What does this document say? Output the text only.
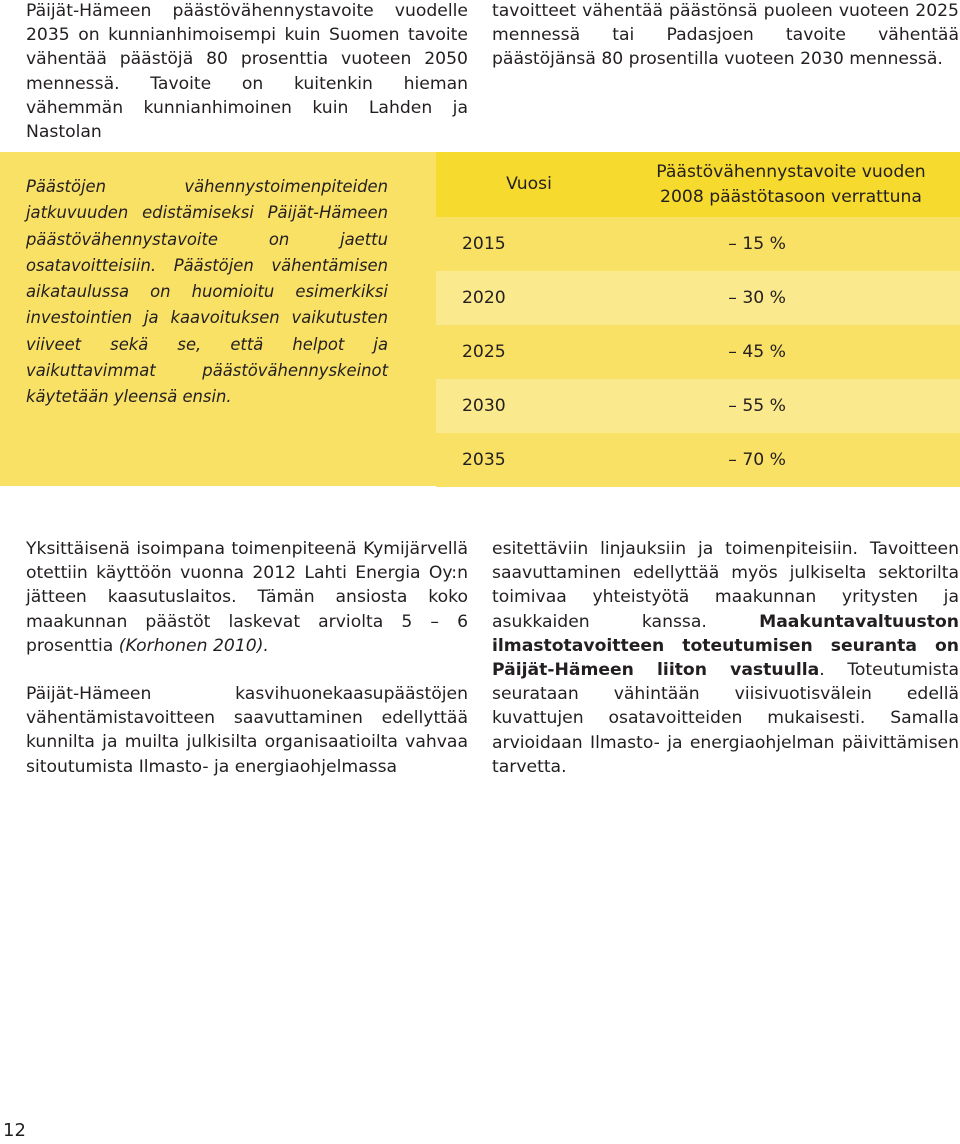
Päijät-Hämeen päästövähennystavoite vuodelle 2035 on kunnianhimoisempi kuin Suomen tavoite vähentää päästöjä 80 prosenttia vuoteen 2050 mennessä. Tavoite on kuitenkin hieman vähemmän kunnianhimoinen kuin Lahden ja Nastolan

tavoitteet vähentää päästönsä puoleen vuoteen 2025 mennessä tai Padasjoen tavoite vähentää päästöjänsä 80 prosentilla vuoteen 2030 mennessä.

Päästöjen vähennystoimenpiteiden jatkuvuuden edistämiseksi Päijät-Hämeen päästövähennystavoite on jaettu osatavoitteisiin. Päästöjen vähentämisen aikataulussa on huomioitu esimerkiksi investointien ja kaavoituksen vaikutusten viiveet sekä se, että helpot ja vaikuttavimmat päästövähennyskeinot käytetään yleensä ensin.

Vuosi	Päästövähennystavoite vuoden
2008 päästötasoon verrattuna
2015	– 15 %
2020	– 30 %
2025	– 45 %
2030	– 55 %
2035	– 70 %
Yksittäisenä isoimpana toimenpiteenä Kymijärvellä otettiin käyttöön vuonna 2012 Lahti Energia Oy:n jätteen kaasutuslaitos. Tämän ansiosta koko maakunnan päästöt laskevat arviolta 5 – 6 prosenttia (Korhonen 2010).
Päijät-Hämeen kasvihuonekaasupäästöjen vähentämistavoitteen saavuttaminen edellyttää kunnilta ja muilta julkisilta organisaatioilta vahvaa sitoutumista Ilmasto- ja energiaohjelmassa
esitettäviin linjauksiin ja toimenpiteisiin. Tavoitteen saavuttaminen edellyttää myös julkiselta sektorilta toimivaa yhteistyötä maakunnan yritysten ja asukkaiden kanssa.	Maakuntavaltuuston ilmastotavoitteen toteutumisen seuranta on Päijät-Hämeen liiton vastuulla. Toteutumista seurataan vähintään viisivuotisvälein edellä kuvattujen osatavoitteiden mukaisesti. Samalla arvioidaan Ilmasto- ja energiaohjelman päivittämisen tarvetta.
12
